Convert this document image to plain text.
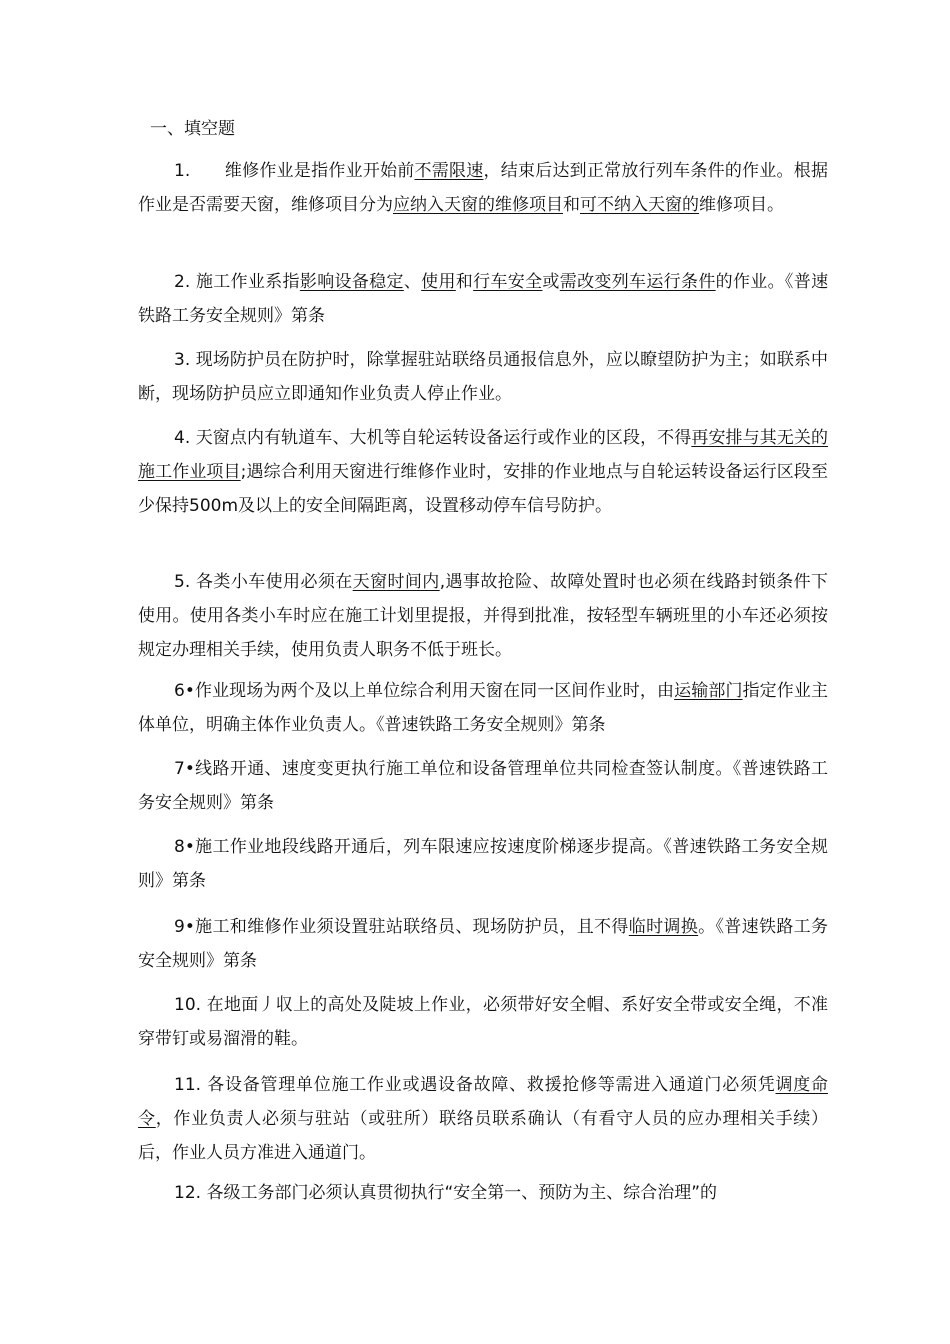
一、填空题

1.　　维修作业是指作业开始前不需限速，结束后达到正常放行列车条件的作业。根据作业是否需要天窗，维修项目分为应纳入天窗的维修项目和可不纳入天窗的维修项目。

2. 施工作业系指影响设备稳定、使用和行车安全或需改变列车运行条件的作业。《普速铁路工务安全规则》第条

3. 现场防护员在防护时，除掌握驻站联络员通报信息外，应以瞭望防护为主；如联系中断，现场防护员应立即通知作业负责人停止作业。

4. 天窗点内有轨道车、大机等自轮运转设备运行或作业的区段，不得再安排与其无关的施工作业项目;遇综合利用天窗进行维修作业时，安排的作业地点与自轮运转设备运行区段至少保持500m及以上的安全间隔距离，设置移动停车信号防护。

5. 各类小车使用必须在天窗时间内,遇事故抢险、故障处置时也必须在线路封锁条件下使用。使用各类小车时应在施工计划里提报，并得到批准，按轻型车辆班里的小车还必须按规定办理相关手续，使用负责人职务不低于班长。

6•作业现场为两个及以上单位综合利用天窗在同一区间作业时，由运输部门指定作业主体单位，明确主体作业负责人。《普速铁路工务安全规则》第条

7•线路开通、速度变更执行施工单位和设备管理单位共同检查签认制度。《普速铁路工务安全规则》第条

8•施工作业地段线路开通后，列车限速应按速度阶梯逐步提高。《普速铁路工务安全规则》第条

9•施工和维修作业须设置驻站联络员、现场防护员，且不得临时调换。《普速铁路工务安全规则》第条

10. 在地面丿収上的高处及陡坡上作业，必须带好安全帽、系好安全带或安全绳，不准穿带钉或易溜滑的鞋。

11. 各设备管理单位施工作业或遇设备故障、救援抢修等需进入通道门必须凭调度命令，作业负责人必须与驻站（或驻所）联络员联系确认（有看守人员的应办理相关手续）后，作业人员方准进入通道门。

12. 各级工务部门必须认真贯彻执行“安全第一、预防为主、综合治理”的
